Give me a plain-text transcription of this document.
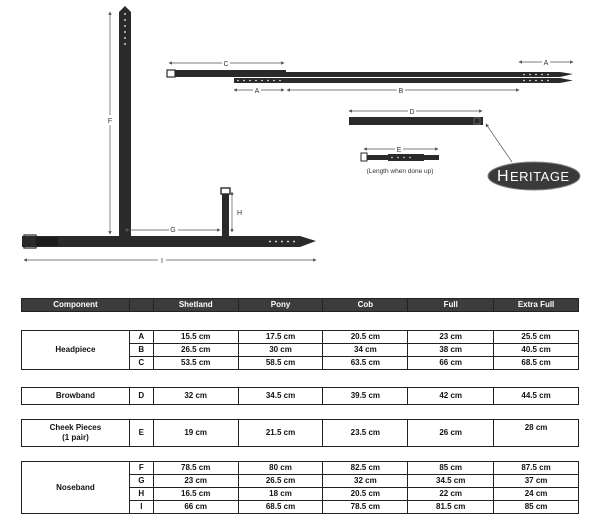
F
H
G
I
C	A
A	B
D
E
(Length when done up)	H ERITAGE
Component		Shetland	Pony	Cob	Full	Extra Full
Headpiece	A	15.5 cm	17.5 cm	20.5 cm	23 cm	25.5 cm
	B	26.5 cm	30 cm	34 cm	38 cm	40.5 cm
	C	53.5 cm	58.5 cm	63.5 cm	66 cm	68.5 cm
Browband	D	32 cm	34.5 cm	39.5 cm	42 cm	44.5 cm
Cheek Pieces
(1 pair)	E	19 cm	21.5 cm	23.5 cm	26 cm	28 cm
Noseband	F	78.5 cm	80 cm	82.5 cm	85 cm	87.5 cm
	G	23 cm	26.5 cm	32 cm	34.5 cm	37 cm
	H	16.5 cm	18 cm	20.5 cm	22 cm	24 cm
	I	66 cm	68.5 cm	78.5 cm	81.5 cm	85 cm
